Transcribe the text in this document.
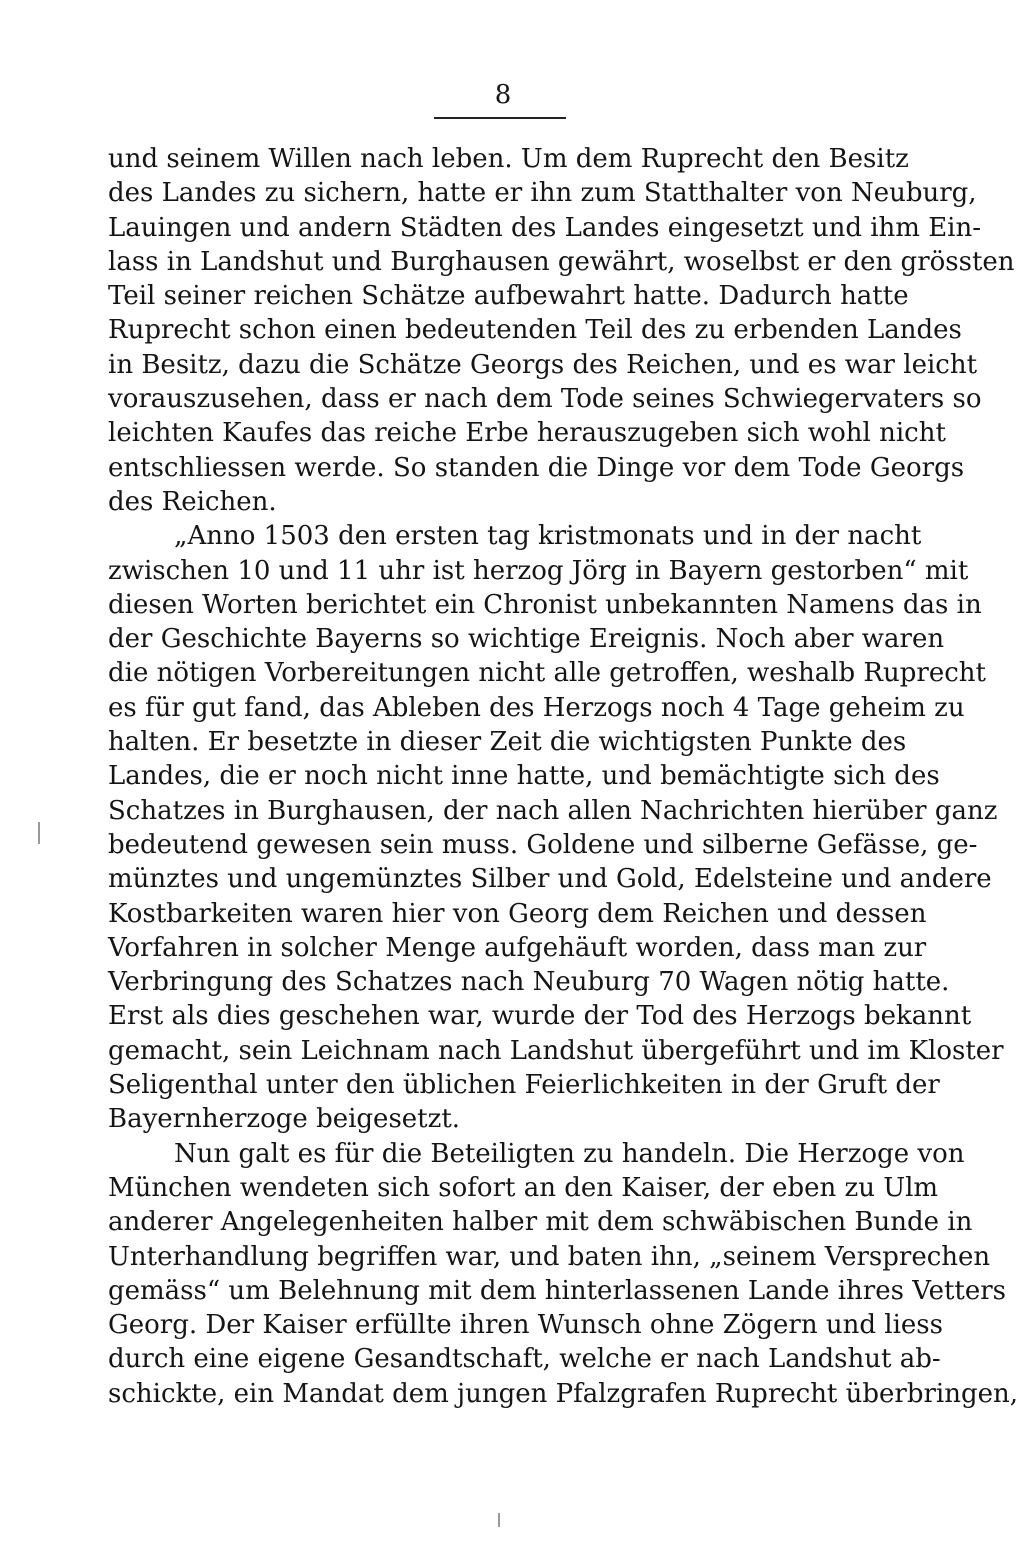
8
und seinem Willen nach leben. Um dem Ruprecht den Besitz
des Landes zu sichern, hatte er ihn zum Statthalter von Neuburg,
Lauingen und andern Städten des Landes eingesetzt und ihm Ein-
lass in Landshut und Burghausen gewährt, woselbst er den grössten
Teil seiner reichen Schätze aufbewahrt hatte. Dadurch hatte
Ruprecht schon einen bedeutenden Teil des zu erbenden Landes
in Besitz, dazu die Schätze Georgs des Reichen, und es war leicht
vorauszusehen, dass er nach dem Tode seines Schwiegervaters so
leichten Kaufes das reiche Erbe herauszugeben sich wohl nicht
entschliessen werde. So standen die Dinge vor dem Tode Georgs
des Reichen.
„Anno 1503 den ersten tag kristmonats und in der nacht
zwischen 10 und 11 uhr ist herzog Jörg in Bayern gestorben“ mit
diesen Worten berichtet ein Chronist unbekannten Namens das in
der Geschichte Bayerns so wichtige Ereignis. Noch aber waren
die nötigen Vorbereitungen nicht alle getroffen, weshalb Ruprecht
es für gut fand, das Ableben des Herzogs noch 4 Tage geheim zu
halten. Er besetzte in dieser Zeit die wichtigsten Punkte des
Landes, die er noch nicht inne hatte, und bemächtigte sich des
Schatzes in Burghausen, der nach allen Nachrichten hierüber ganz
bedeutend gewesen sein muss. Goldene und silberne Gefässe, ge-
münztes und ungemünztes Silber und Gold, Edelsteine und andere
Kostbarkeiten waren hier von Georg dem Reichen und dessen
Vorfahren in solcher Menge aufgehäuft worden, dass man zur
Verbringung des Schatzes nach Neuburg 70 Wagen nötig hatte.
Erst als dies geschehen war, wurde der Tod des Herzogs bekannt
gemacht, sein Leichnam nach Landshut übergeführt und im Kloster
Seligenthal unter den üblichen Feierlichkeiten in der Gruft der
Bayernherzoge beigesetzt.
Nun galt es für die Beteiligten zu handeln. Die Herzoge von
München wendeten sich sofort an den Kaiser, der eben zu Ulm
anderer Angelegenheiten halber mit dem schwäbischen Bunde in
Unterhandlung begriffen war, und baten ihn, „seinem Versprechen
gemäss“ um Belehnung mit dem hinterlassenen Lande ihres Vetters
Georg. Der Kaiser erfüllte ihren Wunsch ohne Zögern und liess
durch eine eigene Gesandtschaft, welche er nach Landshut ab-
schickte, ein Mandat dem jungen Pfalzgrafen Ruprecht überbringen,
